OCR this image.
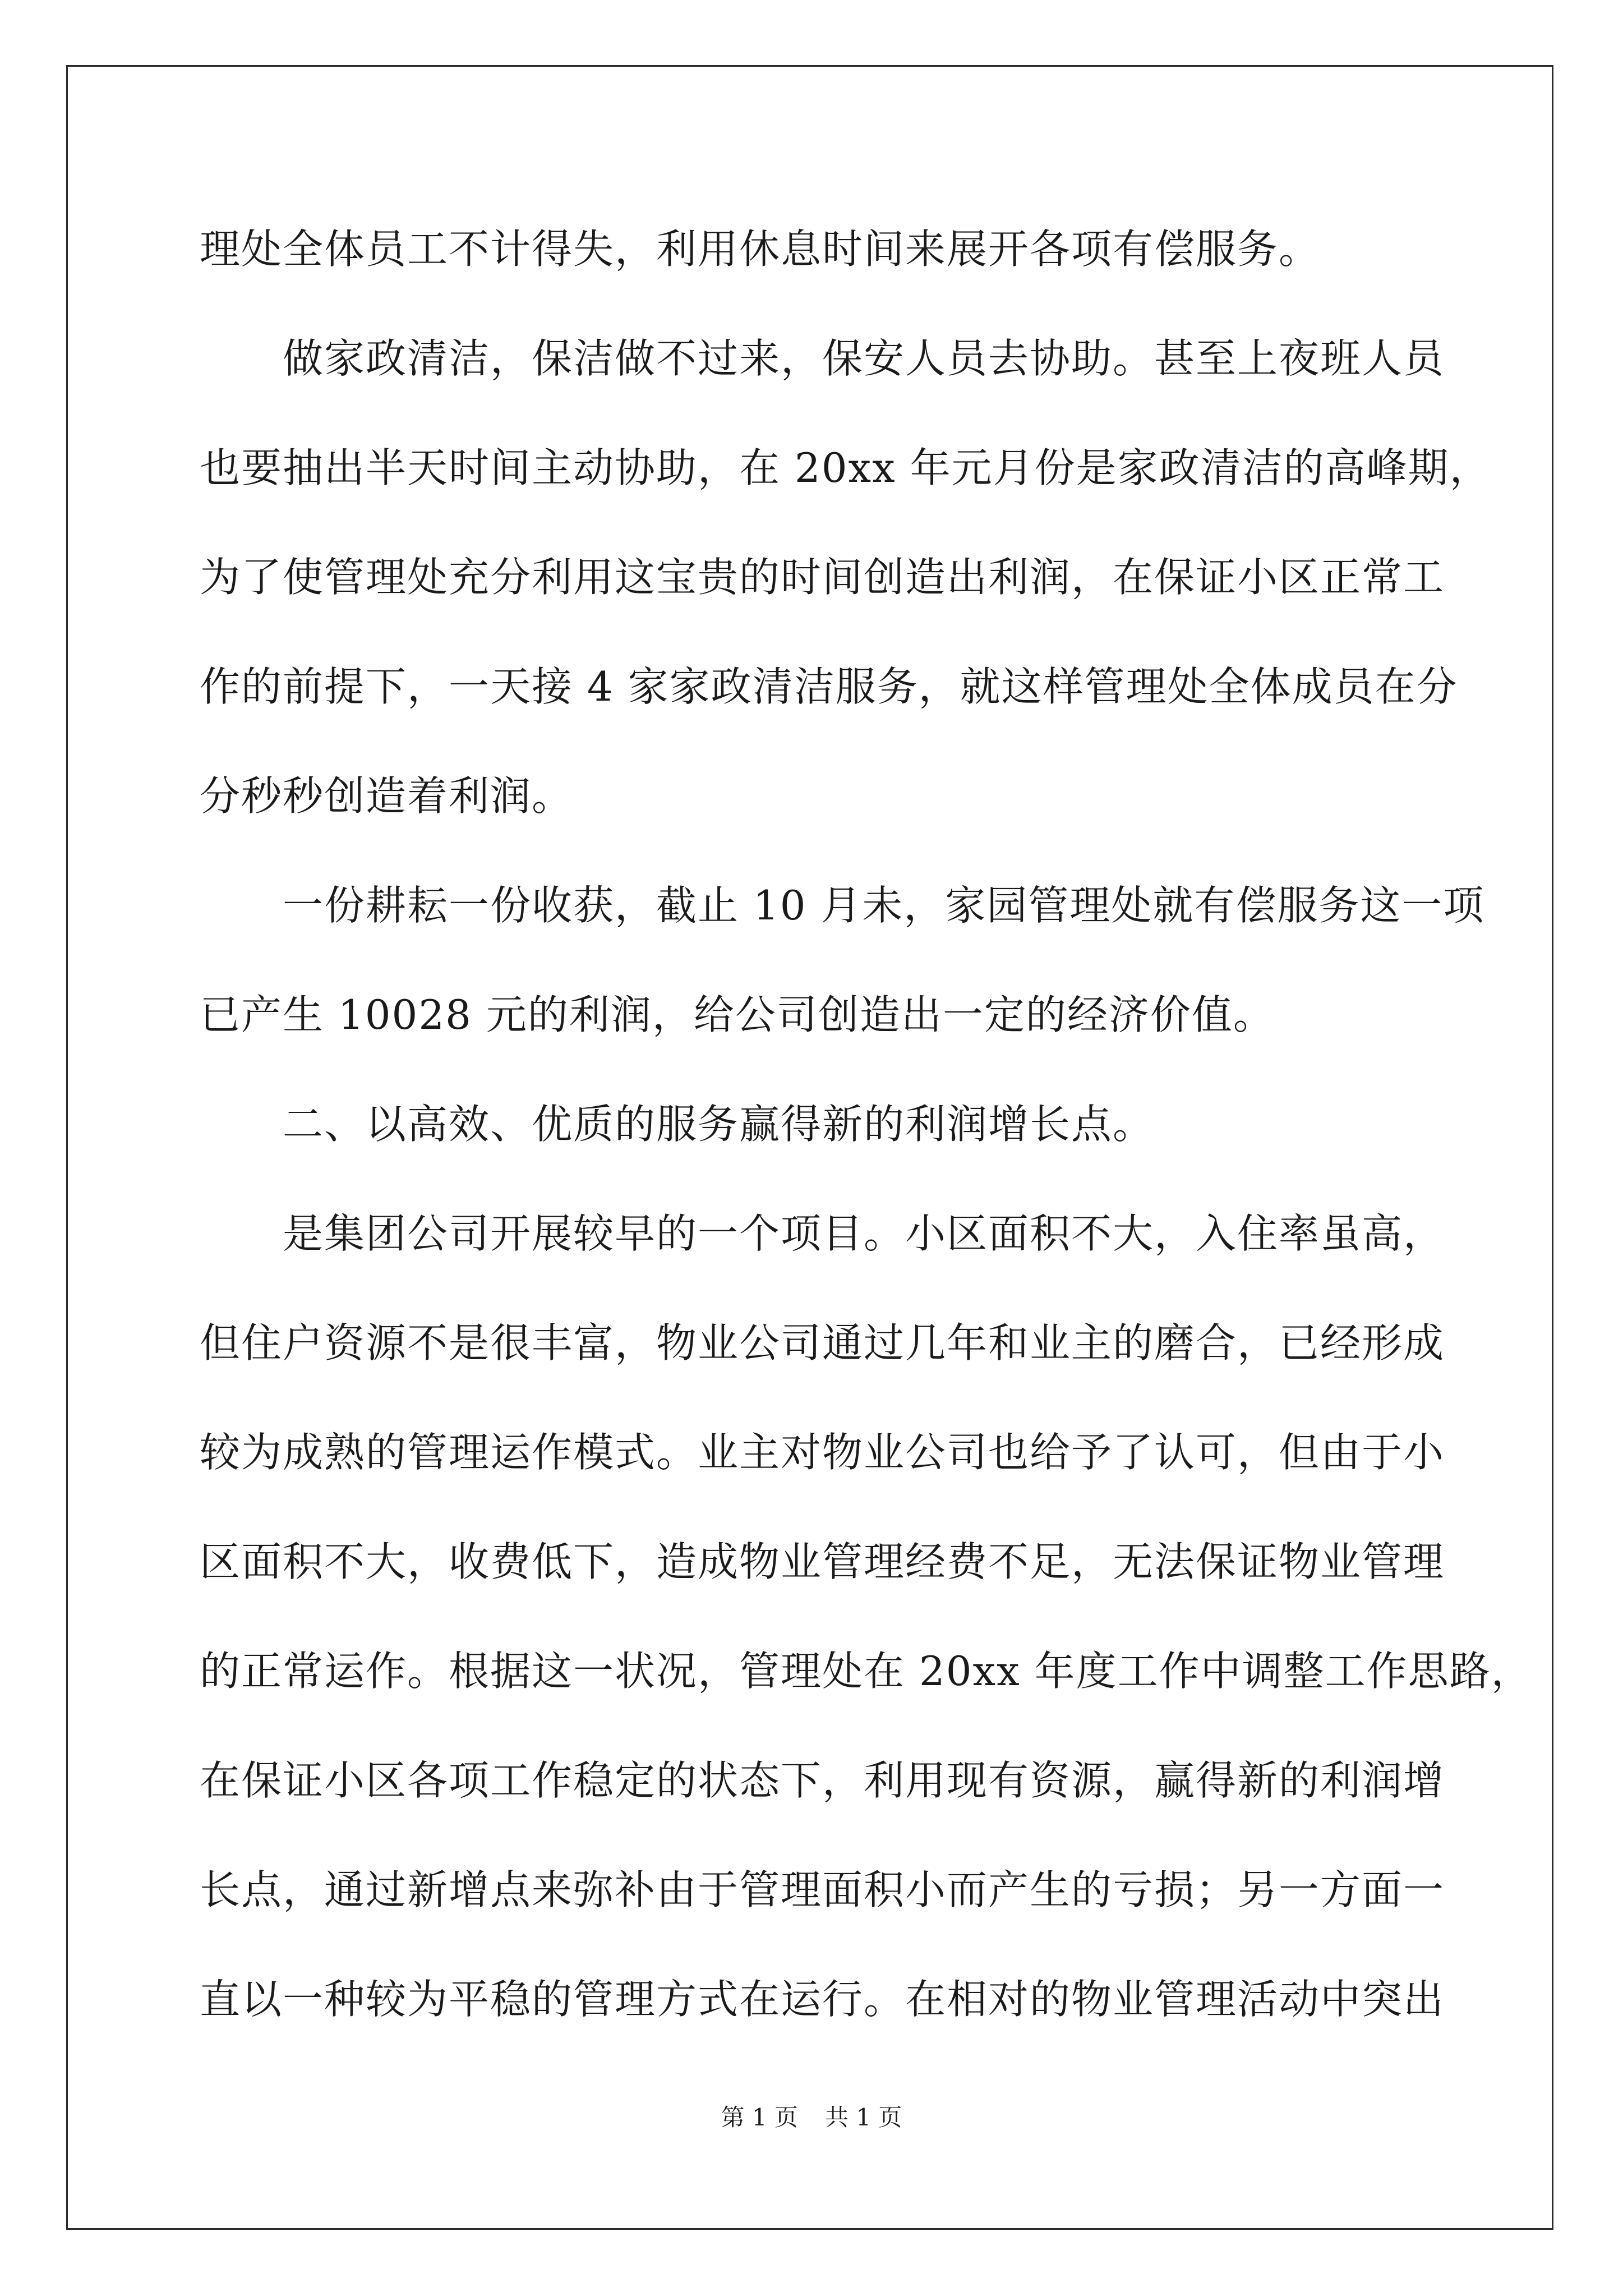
理处全体员工不计得失，利用休息时间来展开各项有偿服务。
做家政清洁，保洁做不过来，保安人员去协助。甚至上夜班人员
也要抽出半天时间主动协助，在 20xx 年元月份是家政清洁的高峰期，
为了使管理处充分利用这宝贵的时间创造出利润，在保证小区正常工
作的前提下，一天接 4 家家政清洁服务，就这样管理处全体成员在分
分秒秒创造着利润。
一份耕耘一份收获，截止 10 月未，家园管理处就有偿服务这一项
已产生 10028 元的利润，给公司创造出一定的经济价值。
二、以高效、优质的服务赢得新的利润增长点。
是集团公司开展较早的一个项目。小区面积不大，入住率虽高，
但住户资源不是很丰富，物业公司通过几年和业主的磨合，已经形成
较为成熟的管理运作模式。业主对物业公司也给予了认可，但由于小
区面积不大，收费低下，造成物业管理经费不足，无法保证物业管理
的正常运作。根据这一状况，管理处在 20xx 年度工作中调整工作思路，
在保证小区各项工作稳定的状态下，利用现有资源，赢得新的利润增
长点，通过新增点来弥补由于管理面积小而产生的亏损；另一方面一
直以一种较为平稳的管理方式在运行。在相对的物业管理活动中突出
第 1 页 共 1 页
